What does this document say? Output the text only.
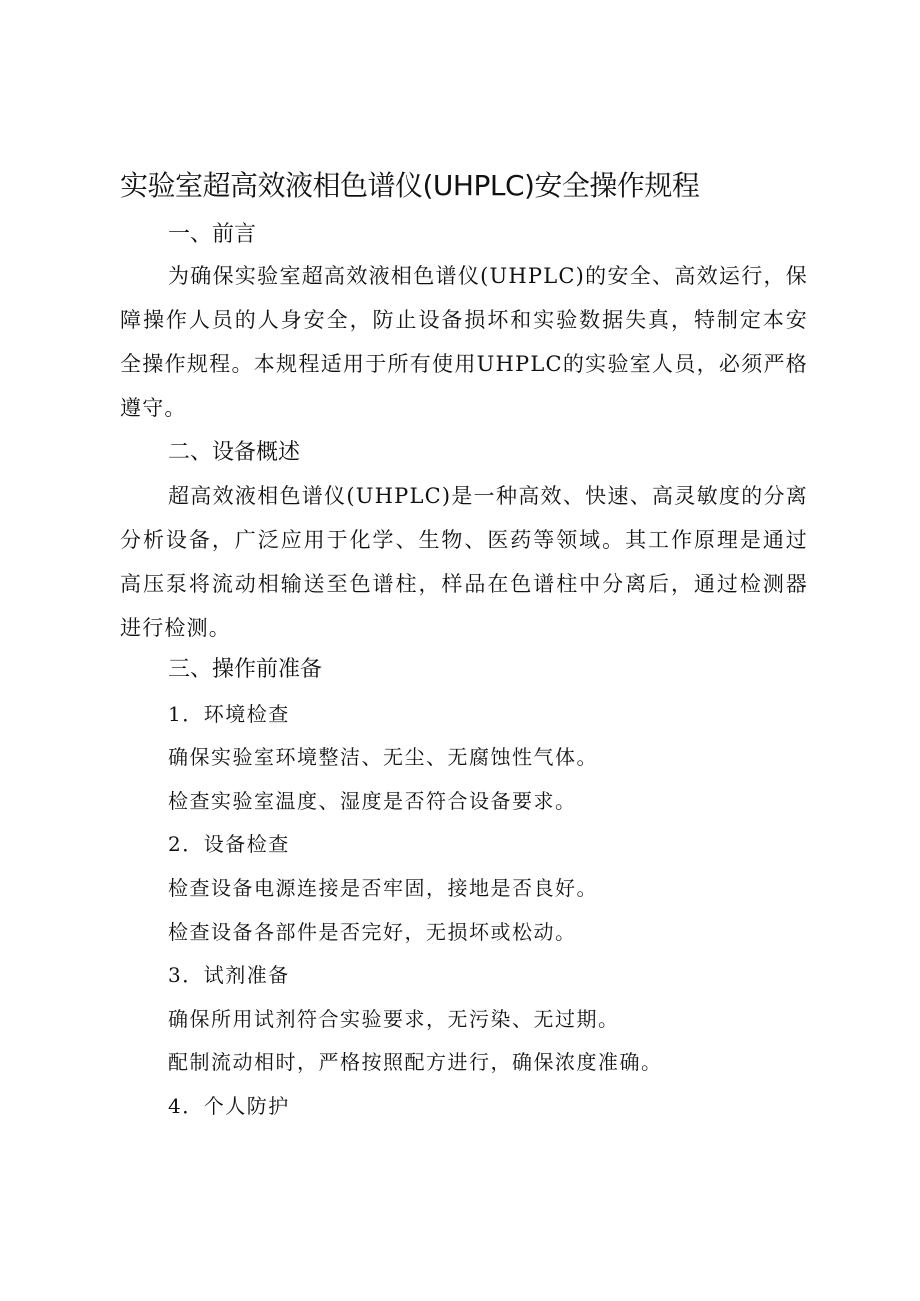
实验室超高效液相色谱仪(UHPLC)安全操作规程
一、前言

为确保实验室超高效液相色谱仪(UHPLC)的安全、高效运行，保障操作人员的人身安全，防止设备损坏和实验数据失真，特制定本安全操作规程。本规程适用于所有使用UHPLC的实验室人员，必须严格遵守。

二、设备概述

超高效液相色谱仪(UHPLC)是一种高效、快速、高灵敏度的分离分析设备，广泛应用于化学、生物、医药等领域。其工作原理是通过高压泵将流动相输送至色谱柱，样品在色谱柱中分离后，通过检测器进行检测。

三、操作前准备
1．环境检查
确保实验室环境整洁、无尘、无腐蚀性气体。
检查实验室温度、湿度是否符合设备要求。
2．设备检查
检查设备电源连接是否牢固，接地是否良好。
检查设备各部件是否完好，无损坏或松动。
3．试剂准备
确保所用试剂符合实验要求，无污染、无过期。
配制流动相时，严格按照配方进行，确保浓度准确。
4．个人防护
